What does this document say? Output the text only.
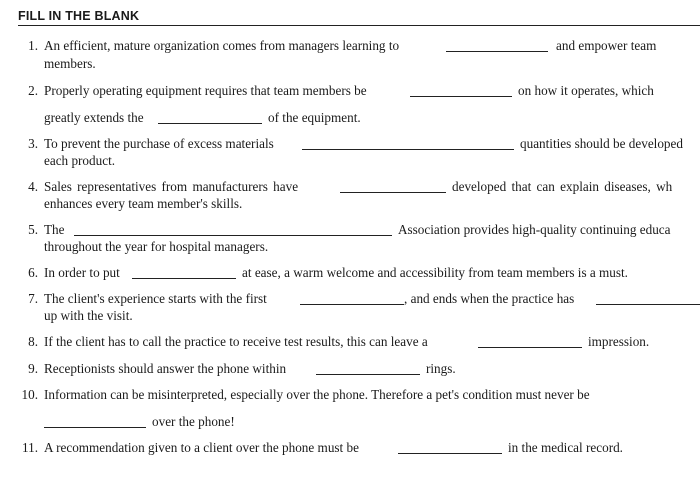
FILL IN THE BLANK
1. An efficient, mature organization comes from managers learning to	and empower team
members.
2. Properly operating equipment requires that team members be	on how it operates, which
greatly extends the	of the equipment.
3. To prevent the purchase of excess materials	quantities should be developed
each product.
4. Sales representatives from manufacturers have	developed that can explain diseases, wh
enhances every team member's skills.
5. The	Association provides high-quality continuing educa
throughout the year for hospital managers.
6. In order to put	at ease, a warm welcome and accessibility from team members is a must.
7. The client's experience starts with the first	, and ends when the practice has
up with the visit.
8. If the client has to call the practice to receive test results, this can leave a	impression.
9. Receptionists should answer the phone within	rings.
10. Information can be misinterpreted, especially over the phone. Therefore a pet's condition must never be
over the phone!
11. A recommendation given to a client over the phone must be	in the medical record.
